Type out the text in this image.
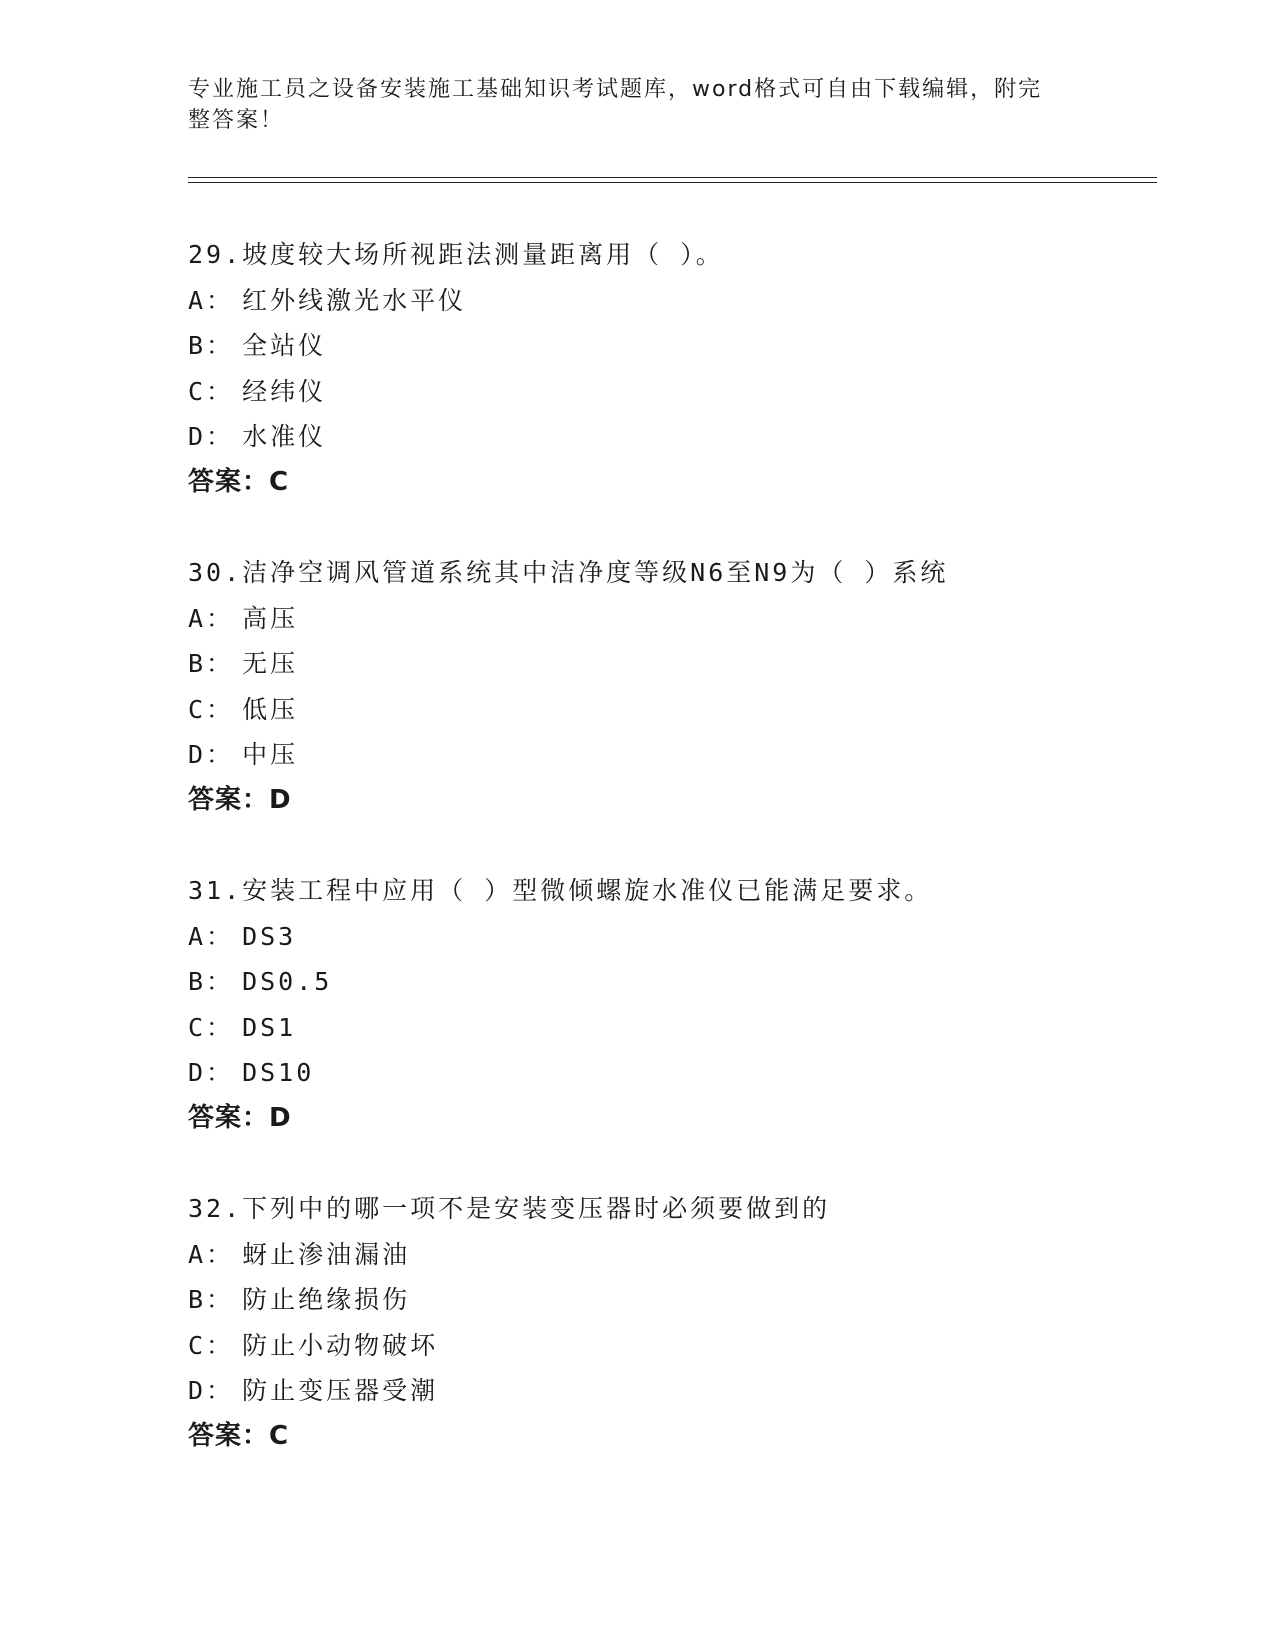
专业施工员之设备安装施工基础知识考试题库，word格式可自由下载编辑，附完
整答案！
29.坡度较大场所视距法测量距离用（ ）。
A： 红外线激光水平仪
B： 全站仪
C： 经纬仪
D： 水准仪
答案：C
30.洁净空调风管道系统其中洁净度等级N6至N9为（ ）系统
A： 高压
B： 无压
C： 低压
D： 中压
答案：D
31.安装工程中应用（ ）型微倾螺旋水准仪已能满足要求。
A： DS3
B： DS0.5
C： DS1
D： DS10
答案：D
32.下列中的哪一项不是安装变压器时必须要做到的
A： 蚜止渗油漏油
B： 防止绝缘损伤
C： 防止小动物破坏
D： 防止变压器受潮
答案：C
